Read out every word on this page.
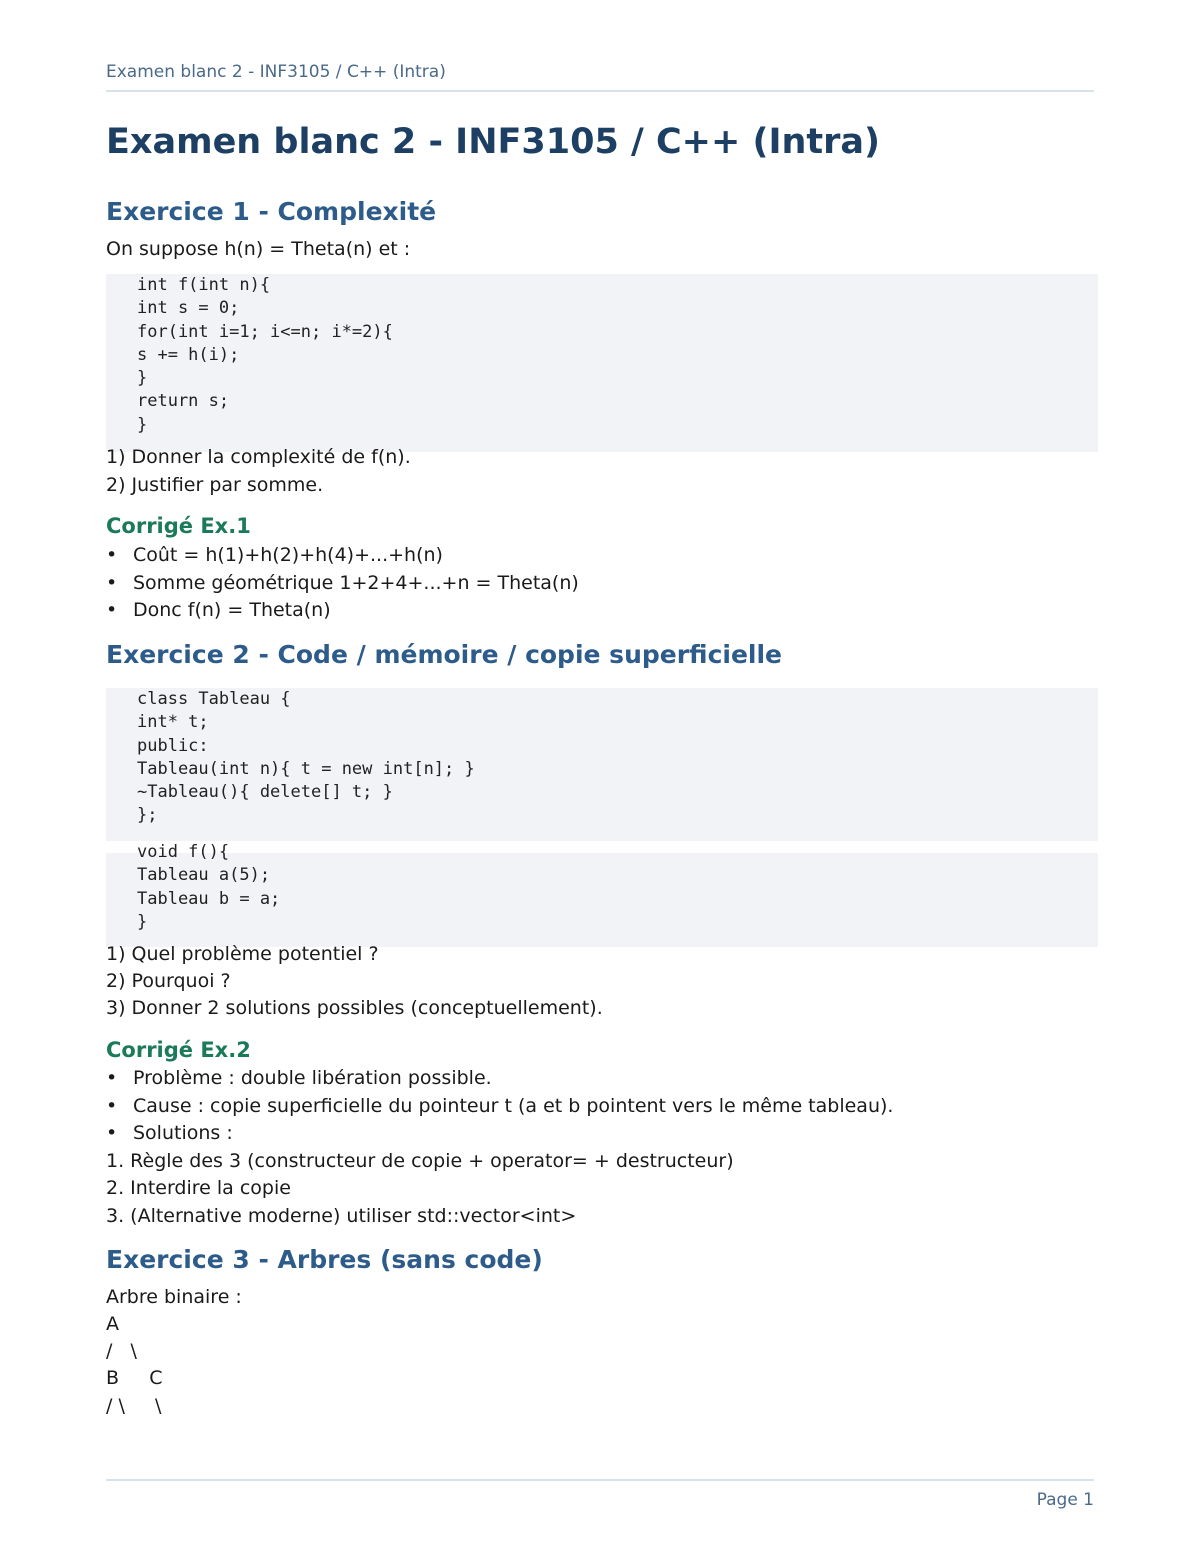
Examen blanc 2 - INF3105 / C++ (Intra)
Examen blanc 2 - INF3105 / C++ (Intra)
Exercice 1 - Complexité

On suppose h(n) = Theta(n) et :

int f(int n){
int s = 0;
for(int i=1; i<=n; i*=2){
s += h(i);
}
return s;
}

1) Donner la complexité de f(n).

2) Justifier par somme.

Corrigé Ex.1
• Coût = h(1)+h(2)+h(4)+...+h(n)
• Somme géométrique 1+2+4+...+n = Theta(n)
• Donc f(n) = Theta(n)
Exercice 2 - Code / mémoire / copie superficielle
class Tableau {
int* t;
public:
Tableau(int n){ t = new int[n]; }
~Tableau(){ delete[] t; }
};
void f(){
Tableau a(5);
Tableau b = a;
}

1) Quel problème potentiel ?

2) Pourquoi ?

3) Donner 2 solutions possibles (conceptuellement).

Corrigé Ex.2
• Problème : double libération possible.
• Cause : copie superficielle du pointeur t (a et b pointent vers le même tableau).
• Solutions :

1. Règle des 3 (constructeur de copie + operator= + destructeur)

2. Interdire la copie

3. (Alternative moderne) utiliser std::vector<int>

Exercice 3 - Arbres (sans code)

Arbre binaire :

A

/   \

B     C

/ \     \

Page 1
